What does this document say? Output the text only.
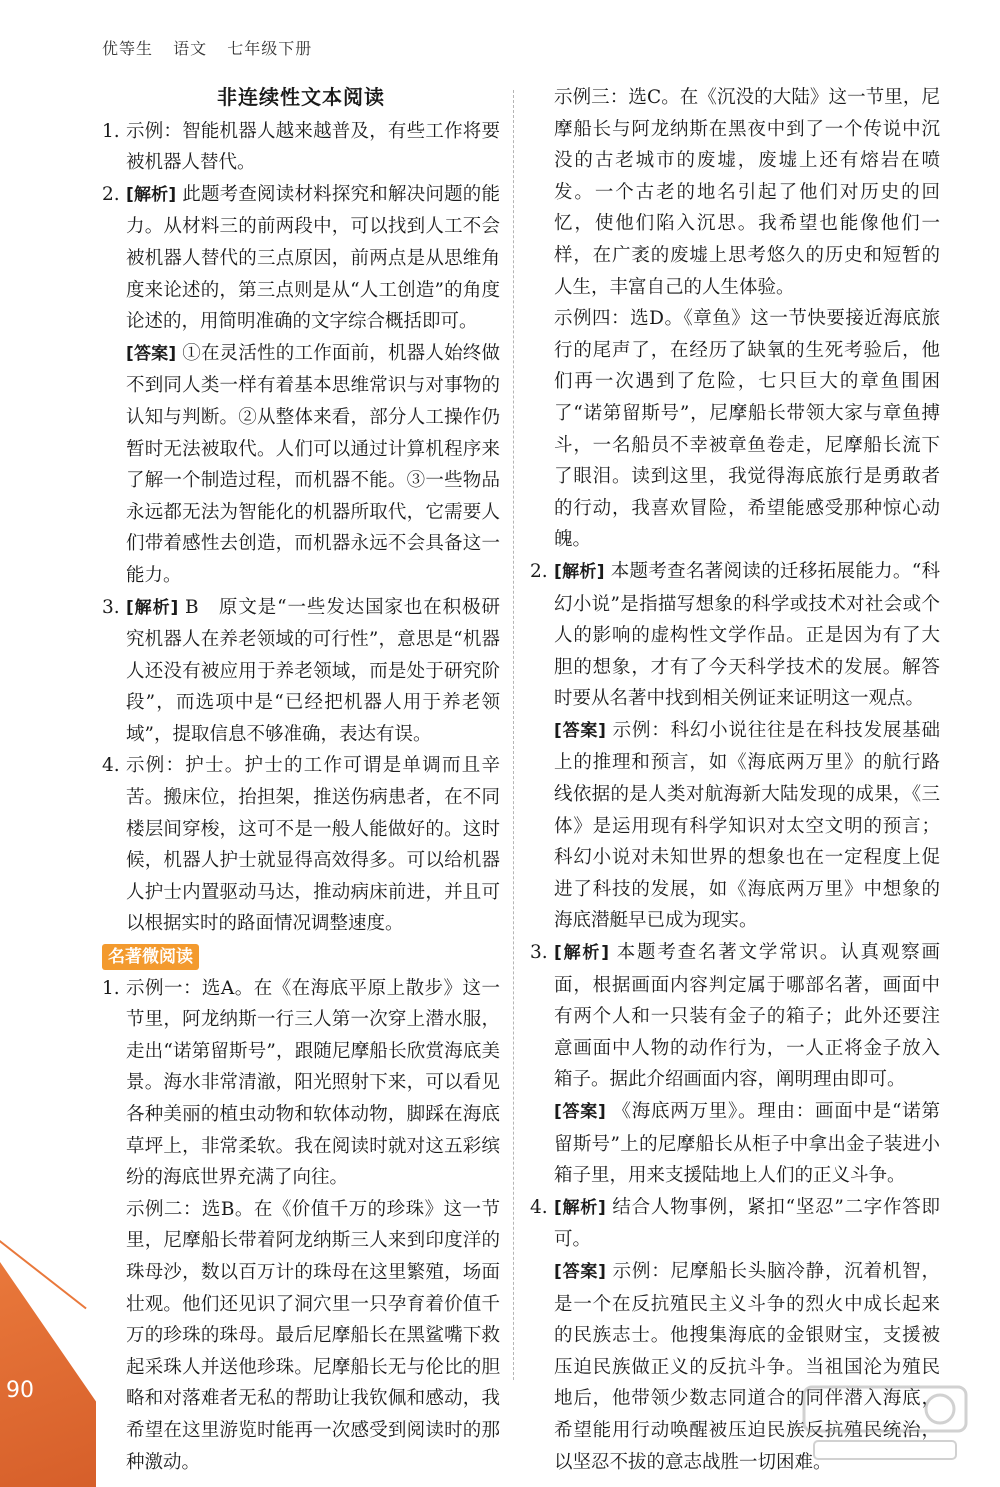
优等生 语文 七年级下册
非连续性文本阅读
1. 示例：智能机器人越来越普及，有些工作将要被机器人替代。
2. [解析] 此题考查阅读材料探究和解决问题的能力。从材料三的前两段中，可以找到人工不会被机器人替代的三点原因，前两点是从思维角度来论述的，第三点则是从“人工创造”的角度论述的，用简明准确的文字综合概括即可。
[答案] ①在灵活性的工作面前，机器人始终做不到同人类一样有着基本思维常识与对事物的认知与判断。②从整体来看，部分人工操作仍暂时无法被取代。人们可以通过计算机程序来了解一个制造过程，而机器不能。③一些物品永远都无法为智能化的机器所取代，它需要人们带着感性去创造，而机器永远不会具备这一能力。
3. [解析] B　原文是“一些发达国家也在积极研究机器人在养老领域的可行性”，意思是“机器人还没有被应用于养老领域，而是处于研究阶段”，而选项中是“已经把机器人用于养老领域”，提取信息不够准确，表达有误。
4. 示例：护士。护士的工作可谓是单调而且辛苦。搬床位，抬担架，推送伤病患者，在不同楼层间穿梭，这可不是一般人能做好的。这时候，机器人护士就显得高效得多。可以给机器人护士内置驱动马达，推动病床前进，并且可以根据实时的路面情况调整速度。
名著微阅读
1. 示例一：选A。在《在海底平原上散步》这一节里，阿龙纳斯一行三人第一次穿上潜水服，走出“诺第留斯号”，跟随尼摩船长欣赏海底美景。海水非常清澈，阳光照射下来，可以看见各种美丽的植虫动物和软体动物，脚踩在海底草坪上，非常柔软。我在阅读时就对这五彩缤纷的海底世界充满了向往。
示例二：选B。在《价值千万的珍珠》这一节里，尼摩船长带着阿龙纳斯三人来到印度洋的珠母沙，数以百万计的珠母在这里繁殖，场面壮观。他们还见识了洞穴里一只孕育着价值千万的珍珠的珠母。最后尼摩船长在黑鲨嘴下救起采珠人并送他珍珠。尼摩船长无与伦比的胆略和对落难者无私的帮助让我钦佩和感动，我希望在这里游览时能再一次感受到阅读时的那种激动。
示例三：选C。在《沉没的大陆》这一节里，尼摩船长与阿龙纳斯在黑夜中到了一个传说中沉没的古老城市的废墟，废墟上还有熔岩在喷发。一个古老的地名引起了他们对历史的回忆，使他们陷入沉思。我希望也能像他们一样，在广袤的废墟上思考悠久的历史和短暂的人生，丰富自己的人生体验。
示例四：选D。《章鱼》这一节快要接近海底旅行的尾声了，在经历了缺氧的生死考验后，他们再一次遇到了危险，七只巨大的章鱼围困了“诺第留斯号”，尼摩船长带领大家与章鱼搏斗，一名船员不幸被章鱼卷走，尼摩船长流下了眼泪。读到这里，我觉得海底旅行是勇敢者的行动，我喜欢冒险，希望能感受那种惊心动魄。
2. [解析] 本题考查名著阅读的迁移拓展能力。“科幻小说”是指描写想象的科学或技术对社会或个人的影响的虚构性文学作品。正是因为有了大胆的想象，才有了今天科学技术的发展。解答时要从名著中找到相关例证来证明这一观点。
[答案] 示例：科幻小说往往是在科技发展基础上的推理和预言，如《海底两万里》的航行路线依据的是人类对航海新大陆发现的成果，《三体》是运用现有科学知识对太空文明的预言；科幻小说对未知世界的想象也在一定程度上促进了科技的发展，如《海底两万里》中想象的海底潜艇早已成为现实。
3. [解析] 本题考查名著文学常识。认真观察画面，根据画面内容判定属于哪部名著，画面中有两个人和一只装有金子的箱子；此外还要注意画面中人物的动作行为，一人正将金子放入箱子。据此介绍画面内容，阐明理由即可。
[答案] 《海底两万里》。理由：画面中是“诺第留斯号”上的尼摩船长从柜子中拿出金子装进小箱子里，用来支援陆地上人们的正义斗争。
4. [解析] 结合人物事例，紧扣“坚忍”二字作答即可。
[答案] 示例：尼摩船长头脑冷静，沉着机智，是一个在反抗殖民主义斗争的烈火中成长起来的民族志士。他搜集海底的金银财宝，支援被压迫民族做正义的反抗斗争。当祖国沦为殖民地后，他带领少数志同道合的同伴潜入海底，希望能用行动唤醒被压迫民族反抗殖民统治，以坚忍不拔的意志战胜一切困难。
90
